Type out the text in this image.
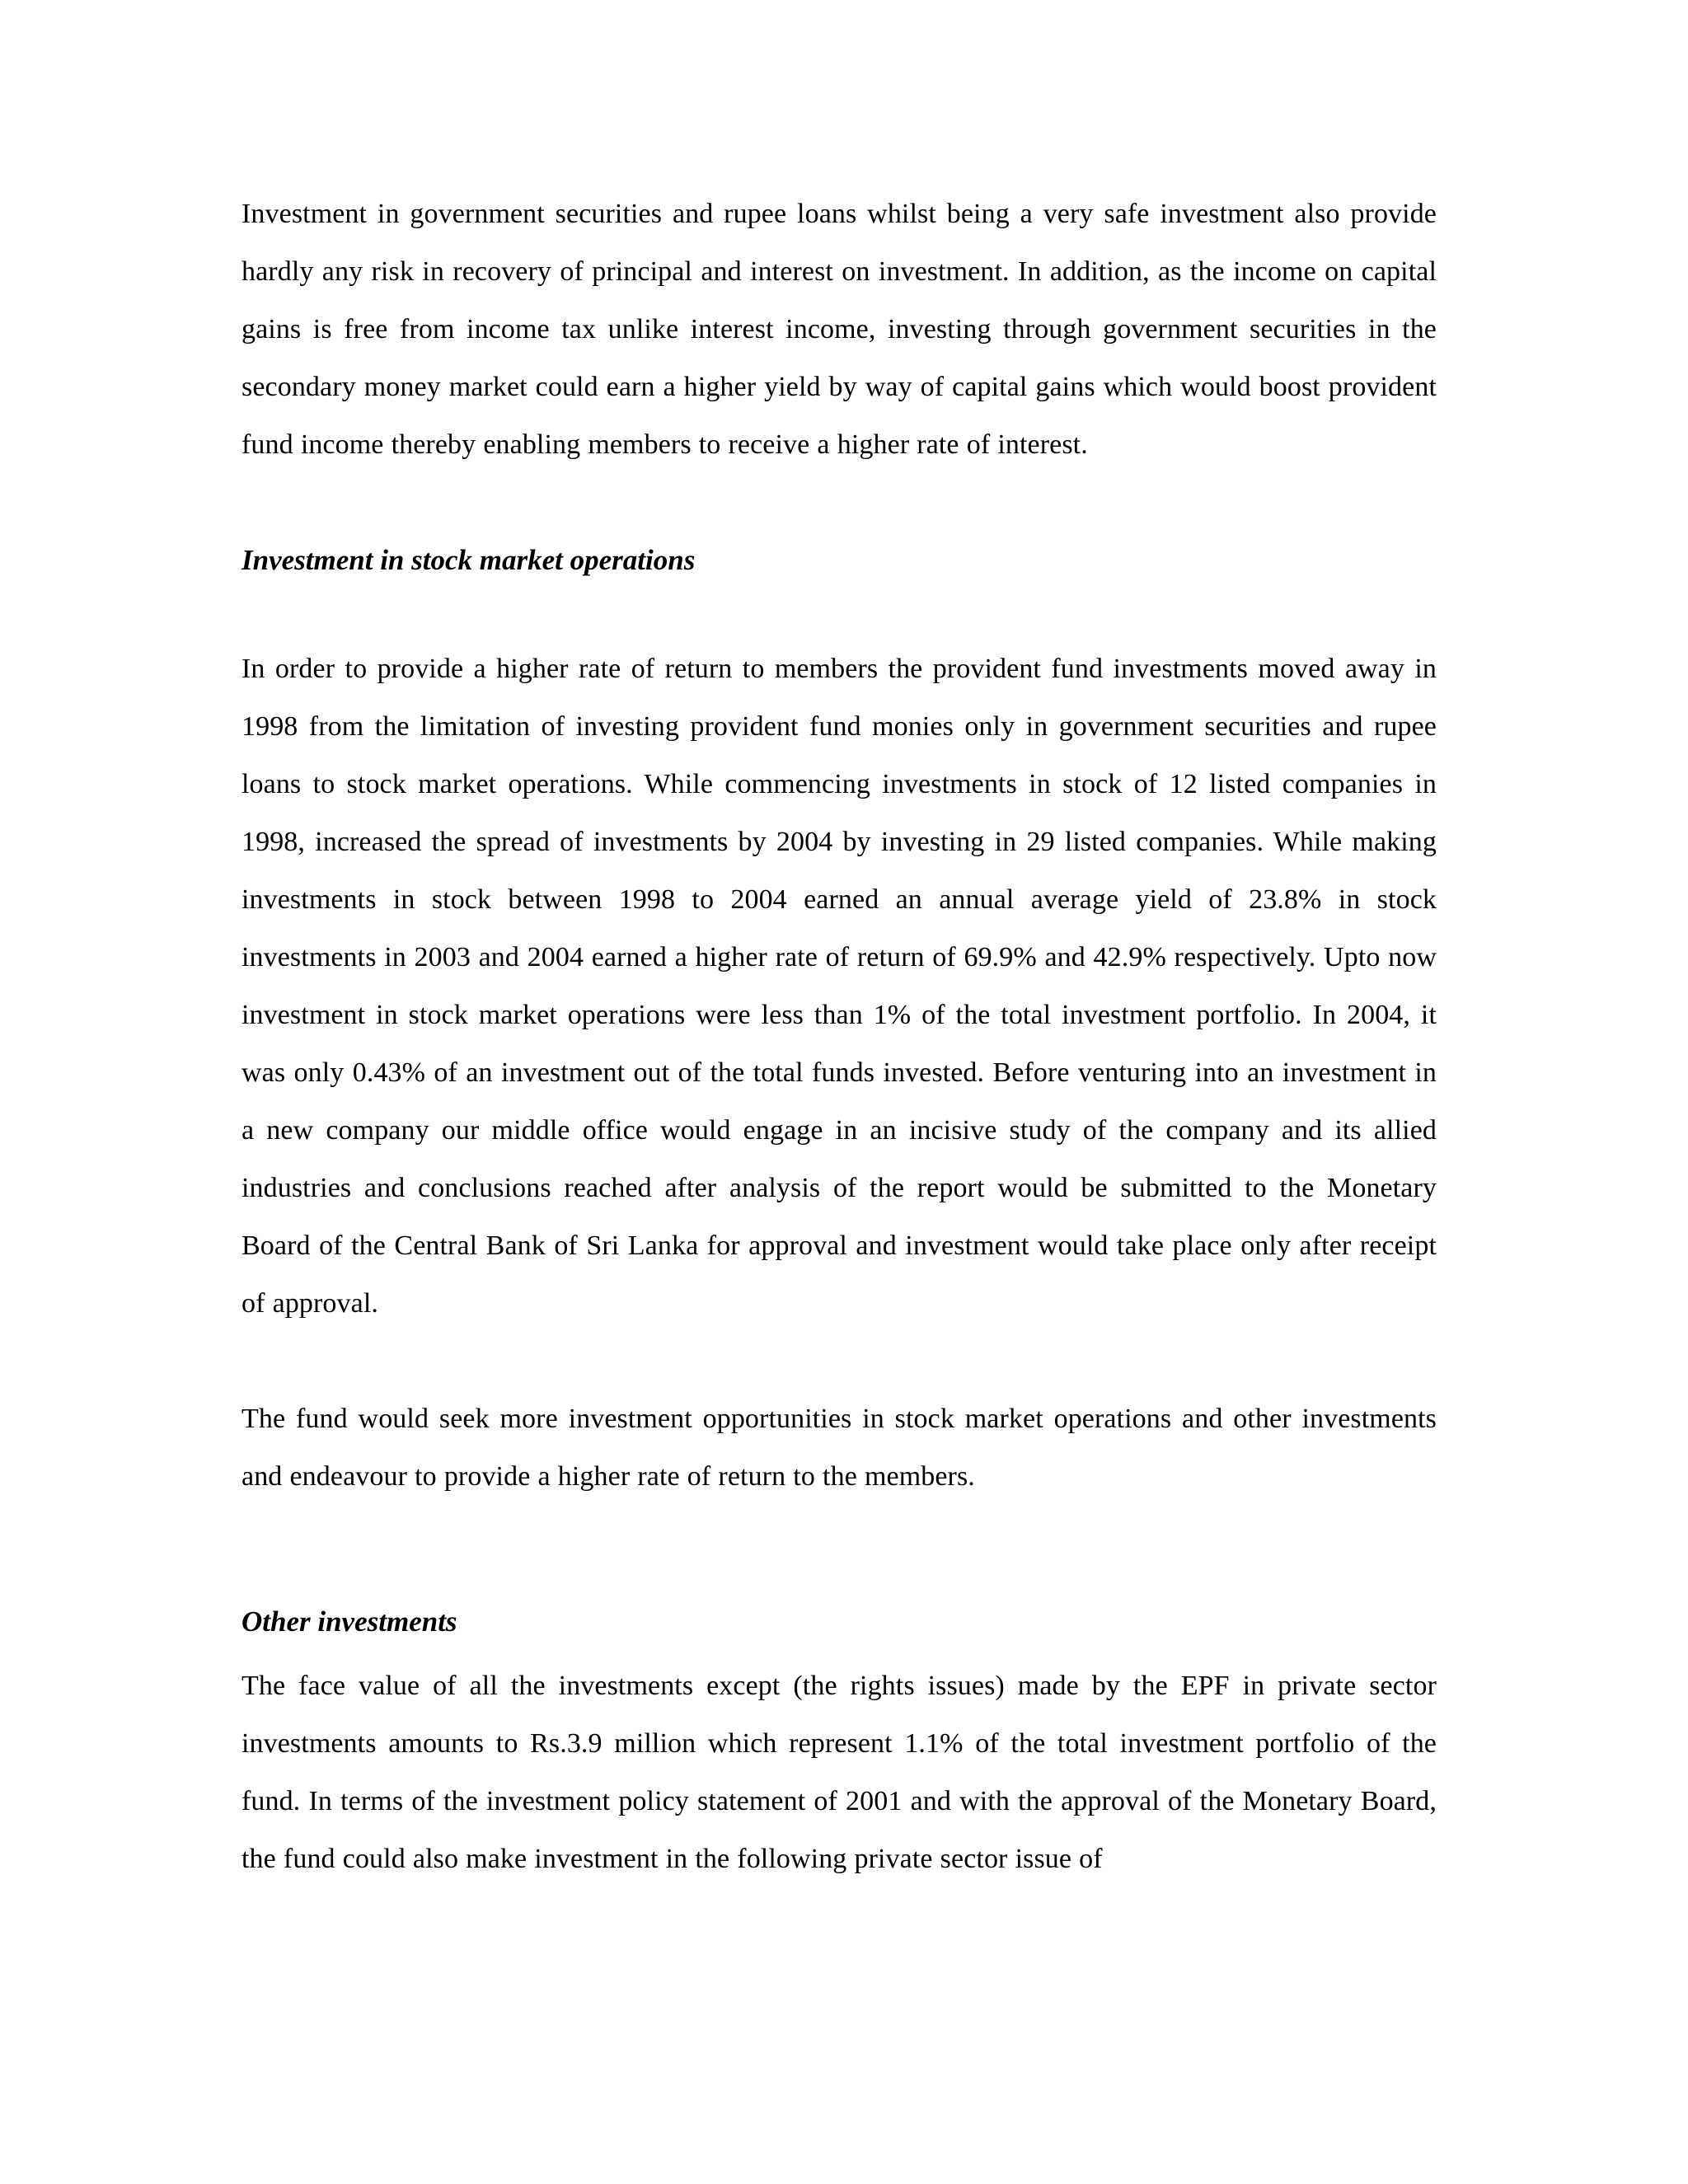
Investment in government securities and rupee loans whilst being a very safe investment also provide hardly any risk in recovery of principal and interest on investment. In addition, as the income on capital gains is free from income tax unlike interest income, investing through government securities in the secondary money market could earn a higher yield by way of capital gains which would boost provident fund income thereby enabling members to receive a higher rate of interest.

Investment in stock market operations

In order to provide a higher rate of return to members the provident fund investments moved away in 1998 from the limitation of investing provident fund monies only in government securities and rupee loans to stock market operations. While commencing investments in stock of 12 listed companies in 1998, increased the spread of investments by 2004 by investing in 29 listed companies. While making investments in stock between 1998 to 2004 earned an annual average yield of 23.8% in stock investments in 2003 and 2004 earned a higher rate of return of 69.9% and 42.9% respectively. Upto now investment in stock market operations were less than 1% of the total investment portfolio. In 2004, it was only 0.43% of an investment out of the total funds invested. Before venturing into an investment in a new company our middle office would engage in an incisive study of the company and its allied industries and conclusions reached after analysis of the report would be submitted to the Monetary Board of the Central Bank of Sri Lanka for approval and investment would take place only after receipt of approval.

The fund would seek more investment opportunities in stock market operations and other investments and endeavour to provide a higher rate of return to the members.

Other investments

The face value of all the investments except (the rights issues) made by the EPF in private sector investments amounts to Rs.3.9 million which represent 1.1% of the total investment portfolio of the fund. In terms of the investment policy statement of 2001 and with the approval of the Monetary Board, the fund could also make investment in the following private sector issue of
